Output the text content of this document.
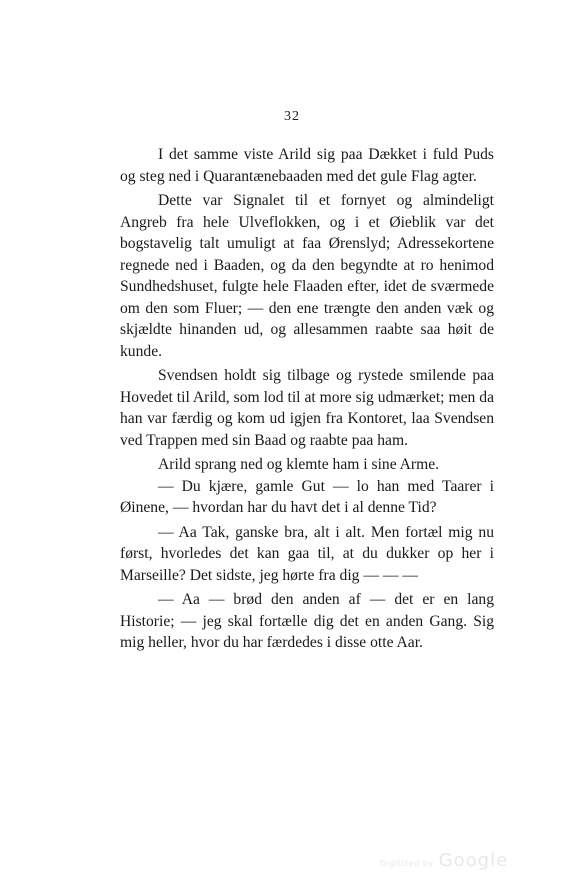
32

I det samme viste Arild sig paa Dækket i fuld Puds og steg ned i Quarantænebaaden med det gule Flag agter.

Dette var Signalet til et fornyet og almindeligt Angreb fra hele Ulveflokken, og i et Øieblik var det bogstavelig talt umuligt at faa Ørenslyd; Adressekortene regnede ned i Baaden, og da den begyndte at ro henimod Sundhedshuset, fulgte hele Flaaden efter, idet de sværmede om den som Fluer; — den ene trængte den anden væk og skjældte hinanden ud, og allesammen raabte saa høit de kunde.

Svendsen holdt sig tilbage og rystede smilende paa Hovedet til Arild, som lod til at more sig udmærket; men da han var færdig og kom ud igjen fra Kontoret, laa Svendsen ved Trappen med sin Baad og raabte paa ham.

Arild sprang ned og klemte ham i sine Arme.

— Du kjære, gamle Gut — lo han med Taarer i Øinene, — hvordan har du havt det i al denne Tid?

— Aa Tak, ganske bra, alt i alt. Men fortæl mig nu først, hvorledes det kan gaa til, at du dukker op her i Marseille? Det sidste, jeg hørte fra dig — — —

— Aa — brød den anden af — det er en lang Historie; — jeg skal fortælle dig det en anden Gang. Sig mig heller, hvor du har færdedes i disse otte Aar.

Digitized by Google
